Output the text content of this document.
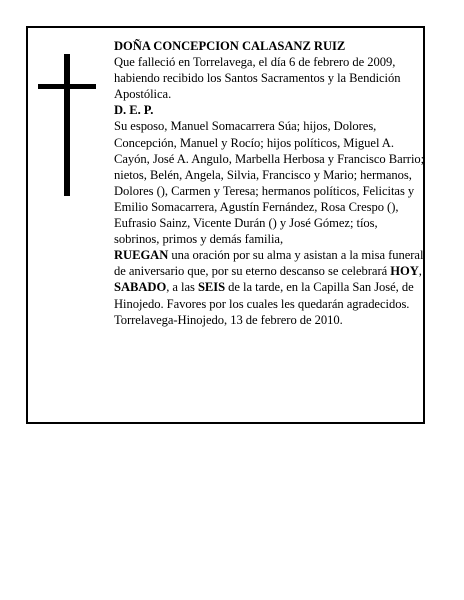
DOÑA CONCEPCION CALASANZ RUIZ

Que falleció en Torrelavega, el día 6 de febrero de 2009, habiendo recibido los Santos Sacramentos y la Bendición Apostólica.

D. E. P.

Su esposo, Manuel Somacarrera Súa; hijos, Dolores, Concepción, Manuel y Rocío; hijos políticos, Miguel A. Cayón, José A. Angulo, Marbella Herbosa y Francisco Barrio; nietos, Belén, Angela, Silvia, Francisco y Mario; hermanos, Dolores (), Carmen y Teresa; hermanos políticos, Felicitas y Emilio Somacarrera, Agustín Fernández, Rosa Crespo (), Eufrasio Sainz, Vicente Durán () y José Gómez; tíos, sobrinos, primos y demás familia,

RUEGAN una oración por su alma y asistan a la misa funeral de aniversario que, por su eterno descanso se celebrará HOY, SABADO, a las SEIS de la tarde, en la Capilla San José, de Hinojedo. Favores por los cuales les quedarán agradecidos.

Torrelavega-Hinojedo, 13 de febrero de 2010.
